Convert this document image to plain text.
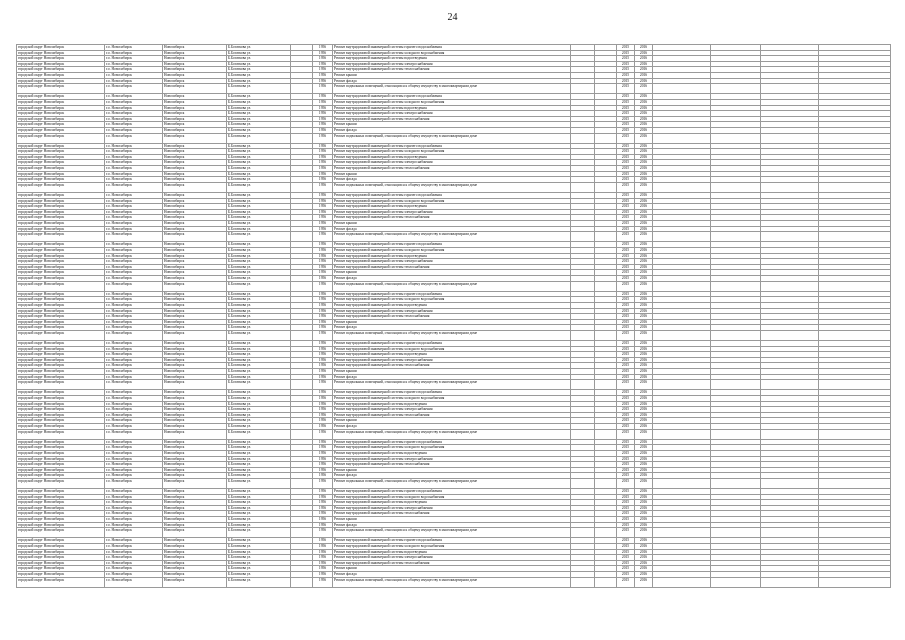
24
городской округ Новосибирск	г.о. Новосибирск	Новосибирск	Б.Богаткова ул.		1956	Ремонт внутридомовой инженерной системы горячего водоснабжения			2015	2016				
городской округ Новосибирск	г.о. Новосибирск	Новосибирск	Б.Богаткова ул.		1956	Ремонт внутридомовой инженерной системы холодного водоснабжения			2015	2016				
городской округ Новосибирск	г.о. Новосибирск	Новосибирск	Б.Богаткова ул.		1956	Ремонт внутридомовой инженерной системы водоотведения			2015	2016				
городской округ Новосибирск	г.о. Новосибирск	Новосибирск	Б.Богаткова ул.		1956	Ремонт внутридомовой инженерной системы электроснабжения			2015	2016				
городской округ Новосибирск	г.о. Новосибирск	Новосибирск	Б.Богаткова ул.		1956	Ремонт внутридомовой инженерной системы теплоснабжения			2015	2016				
городской округ Новосибирск	г.о. Новосибирск	Новосибирск	Б.Богаткова ул.		1956	Ремонт крыши			2015	2016				
городской округ Новосибирск	г.о. Новосибирск	Новосибирск	Б.Богаткова ул.		1956	Ремонт фасада			2015	2016				
городской округ Новосибирск	г.о. Новосибирск	Новосибирск	Б.Богаткова ул.		1956	Ремонт подвальных помещений, относящихся к общему имуществу в многоквартирном доме			2015	2016				
городской округ Новосибирск	г.о. Новосибирск	Новосибирск	Б.Богаткова ул.		1956	Ремонт внутридомовой инженерной системы горячего водоснабжения			2015	2016				
городской округ Новосибирск	г.о. Новосибирск	Новосибирск	Б.Богаткова ул.		1956	Ремонт внутридомовой инженерной системы холодного водоснабжения			2015	2016				
городской округ Новосибирск	г.о. Новосибирск	Новосибирск	Б.Богаткова ул.		1956	Ремонт внутридомовой инженерной системы водоотведения			2015	2016				
городской округ Новосибирск	г.о. Новосибирск	Новосибирск	Б.Богаткова ул.		1956	Ремонт внутридомовой инженерной системы электроснабжения			2015	2016				
городской округ Новосибирск	г.о. Новосибирск	Новосибирск	Б.Богаткова ул.		1956	Ремонт внутридомовой инженерной системы теплоснабжения			2015	2016				
городской округ Новосибирск	г.о. Новосибирск	Новосибирск	Б.Богаткова ул.		1956	Ремонт крыши			2015	2016				
городской округ Новосибирск	г.о. Новосибирск	Новосибирск	Б.Богаткова ул.		1956	Ремонт фасада			2015	2016				
городской округ Новосибирск	г.о. Новосибирск	Новосибирск	Б.Богаткова ул.		1956	Ремонт подвальных помещений, относящихся к общему имуществу в многоквартирном доме			2015	2016				
городской округ Новосибирск	г.о. Новосибирск	Новосибирск	Б.Богаткова ул.		1956	Ремонт внутридомовой инженерной системы горячего водоснабжения			2015	2016				
городской округ Новосибирск	г.о. Новосибирск	Новосибирск	Б.Богаткова ул.		1956	Ремонт внутридомовой инженерной системы холодного водоснабжения			2015	2016				
городской округ Новосибирск	г.о. Новосибирск	Новосибирск	Б.Богаткова ул.		1956	Ремонт внутридомовой инженерной системы водоотведения			2015	2016				
городской округ Новосибирск	г.о. Новосибирск	Новосибирск	Б.Богаткова ул.		1956	Ремонт внутридомовой инженерной системы электроснабжения			2015	2016				
городской округ Новосибирск	г.о. Новосибирск	Новосибирск	Б.Богаткова ул.		1956	Ремонт внутридомовой инженерной системы теплоснабжения			2015	2016				
городской округ Новосибирск	г.о. Новосибирск	Новосибирск	Б.Богаткова ул.		1956	Ремонт крыши			2015	2016				
городской округ Новосибирск	г.о. Новосибирск	Новосибирск	Б.Богаткова ул.		1956	Ремонт фасада			2015	2016				
городской округ Новосибирск	г.о. Новосибирск	Новосибирск	Б.Богаткова ул.		1956	Ремонт подвальных помещений, относящихся к общему имуществу в многоквартирном доме			2015	2016				
городской округ Новосибирск	г.о. Новосибирск	Новосибирск	Б.Богаткова ул.		1956	Ремонт внутридомовой инженерной системы горячего водоснабжения			2015	2016				
городской округ Новосибирск	г.о. Новосибирск	Новосибирск	Б.Богаткова ул.		1956	Ремонт внутридомовой инженерной системы холодного водоснабжения			2015	2016				
городской округ Новосибирск	г.о. Новосибирск	Новосибирск	Б.Богаткова ул.		1956	Ремонт внутридомовой инженерной системы водоотведения			2015	2016				
городской округ Новосибирск	г.о. Новосибирск	Новосибирск	Б.Богаткова ул.		1956	Ремонт внутридомовой инженерной системы электроснабжения			2015	2016				
городской округ Новосибирск	г.о. Новосибирск	Новосибирск	Б.Богаткова ул.		1956	Ремонт внутридомовой инженерной системы теплоснабжения			2015	2016				
городской округ Новосибирск	г.о. Новосибирск	Новосибирск	Б.Богаткова ул.		1956	Ремонт крыши			2015	2016				
городской округ Новосибирск	г.о. Новосибирск	Новосибирск	Б.Богаткова ул.		1956	Ремонт фасада			2015	2016				
городской округ Новосибирск	г.о. Новосибирск	Новосибирск	Б.Богаткова ул.		1956	Ремонт подвальных помещений, относящихся к общему имуществу в многоквартирном доме			2015	2016				
городской округ Новосибирск	г.о. Новосибирск	Новосибирск	Б.Богаткова ул.		1956	Ремонт внутридомовой инженерной системы горячего водоснабжения			2015	2016				
городской округ Новосибирск	г.о. Новосибирск	Новосибирск	Б.Богаткова ул.		1956	Ремонт внутридомовой инженерной системы холодного водоснабжения			2015	2016				
городской округ Новосибирск	г.о. Новосибирск	Новосибирск	Б.Богаткова ул.		1956	Ремонт внутридомовой инженерной системы водоотведения			2015	2016				
городской округ Новосибирск	г.о. Новосибирск	Новосибирск	Б.Богаткова ул.		1956	Ремонт внутридомовой инженерной системы электроснабжения			2015	2016				
городской округ Новосибирск	г.о. Новосибирск	Новосибирск	Б.Богаткова ул.		1956	Ремонт внутридомовой инженерной системы теплоснабжения			2015	2016				
городской округ Новосибирск	г.о. Новосибирск	Новосибирск	Б.Богаткова ул.		1956	Ремонт крыши			2015	2016				
городской округ Новосибирск	г.о. Новосибирск	Новосибирск	Б.Богаткова ул.		1956	Ремонт фасада			2015	2016				
городской округ Новосибирск	г.о. Новосибирск	Новосибирск	Б.Богаткова ул.		1956	Ремонт подвальных помещений, относящихся к общему имуществу в многоквартирном доме			2015	2016				
городской округ Новосибирск	г.о. Новосибирск	Новосибирск	Б.Богаткова ул.		1956	Ремонт внутридомовой инженерной системы горячего водоснабжения			2015	2016				
городской округ Новосибирск	г.о. Новосибирск	Новосибирск	Б.Богаткова ул.		1956	Ремонт внутридомовой инженерной системы холодного водоснабжения			2015	2016				
городской округ Новосибирск	г.о. Новосибирск	Новосибирск	Б.Богаткова ул.		1956	Ремонт внутридомовой инженерной системы водоотведения			2015	2016				
городской округ Новосибирск	г.о. Новосибирск	Новосибирск	Б.Богаткова ул.		1956	Ремонт внутридомовой инженерной системы электроснабжения			2015	2016				
городской округ Новосибирск	г.о. Новосибирск	Новосибирск	Б.Богаткова ул.		1956	Ремонт внутридомовой инженерной системы теплоснабжения			2015	2016				
городской округ Новосибирск	г.о. Новосибирск	Новосибирск	Б.Богаткова ул.		1956	Ремонт крыши			2015	2016				
городской округ Новосибирск	г.о. Новосибирск	Новосибирск	Б.Богаткова ул.		1956	Ремонт фасада			2015	2016				
городской округ Новосибирск	г.о. Новосибирск	Новосибирск	Б.Богаткова ул.		1956	Ремонт подвальных помещений, относящихся к общему имуществу в многоквартирном доме			2015	2016				
городской округ Новосибирск	г.о. Новосибирск	Новосибирск	Б.Богаткова ул.		1956	Ремонт внутридомовой инженерной системы горячего водоснабжения			2015	2016				
городской округ Новосибирск	г.о. Новосибирск	Новосибирск	Б.Богаткова ул.		1956	Ремонт внутридомовой инженерной системы холодного водоснабжения			2015	2016				
городской округ Новосибирск	г.о. Новосибирск	Новосибирск	Б.Богаткова ул.		1956	Ремонт внутридомовой инженерной системы водоотведения			2015	2016				
городской округ Новосибирск	г.о. Новосибирск	Новосибирск	Б.Богаткова ул.		1956	Ремонт внутридомовой инженерной системы электроснабжения			2015	2016				
городской округ Новосибирск	г.о. Новосибирск	Новосибирск	Б.Богаткова ул.		1956	Ремонт внутридомовой инженерной системы теплоснабжения			2015	2016				
городской округ Новосибирск	г.о. Новосибирск	Новосибирск	Б.Богаткова ул.		1956	Ремонт крыши			2015	2016				
городской округ Новосибирск	г.о. Новосибирск	Новосибирск	Б.Богаткова ул.		1956	Ремонт фасада			2015	2016				
городской округ Новосибирск	г.о. Новосибирск	Новосибирск	Б.Богаткова ул.		1956	Ремонт подвальных помещений, относящихся к общему имуществу в многоквартирном доме			2015	2016				
городской округ Новосибирск	г.о. Новосибирск	Новосибирск	Б.Богаткова ул.		1956	Ремонт внутридомовой инженерной системы горячего водоснабжения			2015	2016				
городской округ Новосибирск	г.о. Новосибирск	Новосибирск	Б.Богаткова ул.		1956	Ремонт внутридомовой инженерной системы холодного водоснабжения			2015	2016				
городской округ Новосибирск	г.о. Новосибирск	Новосибирск	Б.Богаткова ул.		1956	Ремонт внутридомовой инженерной системы водоотведения			2015	2016				
городской округ Новосибирск	г.о. Новосибирск	Новосибирск	Б.Богаткова ул.		1956	Ремонт внутридомовой инженерной системы электроснабжения			2015	2016				
городской округ Новосибирск	г.о. Новосибирск	Новосибирск	Б.Богаткова ул.		1956	Ремонт внутридомовой инженерной системы теплоснабжения			2015	2016				
городской округ Новосибирск	г.о. Новосибирск	Новосибирск	Б.Богаткова ул.		1956	Ремонт крыши			2015	2016				
городской округ Новосибирск	г.о. Новосибирск	Новосибирск	Б.Богаткова ул.		1956	Ремонт фасада			2015	2016				
городской округ Новосибирск	г.о. Новосибирск	Новосибирск	Б.Богаткова ул.		1956	Ремонт подвальных помещений, относящихся к общему имуществу в многоквартирном доме			2015	2016				
городской округ Новосибирск	г.о. Новосибирск	Новосибирск	Б.Богаткова ул.		1956	Ремонт внутридомовой инженерной системы горячего водоснабжения			2015	2016				
городской округ Новосибирск	г.о. Новосибирск	Новосибирск	Б.Богаткова ул.		1956	Ремонт внутридомовой инженерной системы холодного водоснабжения			2015	2016				
городской округ Новосибирск	г.о. Новосибирск	Новосибирск	Б.Богаткова ул.		1956	Ремонт внутридомовой инженерной системы водоотведения			2015	2016				
городской округ Новосибирск	г.о. Новосибирск	Новосибирск	Б.Богаткова ул.		1956	Ремонт внутридомовой инженерной системы электроснабжения			2015	2016				
городской округ Новосибирск	г.о. Новосибирск	Новосибирск	Б.Богаткова ул.		1956	Ремонт внутридомовой инженерной системы теплоснабжения			2015	2016				
городской округ Новосибирск	г.о. Новосибирск	Новосибирск	Б.Богаткова ул.		1956	Ремонт крыши			2015	2016				
городской округ Новосибирск	г.о. Новосибирск	Новосибирск	Б.Богаткова ул.		1956	Ремонт фасада			2015	2016				
городской округ Новосибирск	г.о. Новосибирск	Новосибирск	Б.Богаткова ул.		1956	Ремонт подвальных помещений, относящихся к общему имуществу в многоквартирном доме			2015	2016				
городской округ Новосибирск	г.о. Новосибирск	Новосибирск	Б.Богаткова ул.		1956	Ремонт внутридомовой инженерной системы горячего водоснабжения			2015	2016				
городской округ Новосибирск	г.о. Новосибирск	Новосибирск	Б.Богаткова ул.		1956	Ремонт внутридомовой инженерной системы холодного водоснабжения			2015	2016				
городской округ Новосибирск	г.о. Новосибирск	Новосибирск	Б.Богаткова ул.		1956	Ремонт внутридомовой инженерной системы водоотведения			2015	2016				
городской округ Новосибирск	г.о. Новосибирск	Новосибирск	Б.Богаткова ул.		1956	Ремонт внутридомовой инженерной системы электроснабжения			2015	2016				
городской округ Новосибирск	г.о. Новосибирск	Новосибирск	Б.Богаткова ул.		1956	Ремонт внутридомовой инженерной системы теплоснабжения			2015	2016				
городской округ Новосибирск	г.о. Новосибирск	Новосибирск	Б.Богаткова ул.		1956	Ремонт крыши			2015	2016				
городской округ Новосибирск	г.о. Новосибирск	Новосибирск	Б.Богаткова ул.		1956	Ремонт фасада			2015	2016				
городской округ Новосибирск	г.о. Новосибирск	Новосибирск	Б.Богаткова ул.		1956	Ремонт подвальных помещений, относящихся к общему имуществу в многоквартирном доме			2015	2016				
городской округ Новосибирск	г.о. Новосибирск	Новосибирск	Б.Богаткова ул.		1956	Ремонт внутридомовой инженерной системы горячего водоснабжения			2015	2016				
городской округ Новосибирск	г.о. Новосибирск	Новосибирск	Б.Богаткова ул.		1956	Ремонт внутридомовой инженерной системы холодного водоснабжения			2015	2016				
городской округ Новосибирск	г.о. Новосибирск	Новосибирск	Б.Богаткова ул.		1956	Ремонт внутридомовой инженерной системы водоотведения			2015	2016				
городской округ Новосибирск	г.о. Новосибирск	Новосибирск	Б.Богаткова ул.		1956	Ремонт внутридомовой инженерной системы электроснабжения			2015	2016				
городской округ Новосибирск	г.о. Новосибирск	Новосибирск	Б.Богаткова ул.		1956	Ремонт внутридомовой инженерной системы теплоснабжения			2015	2016				
городской округ Новосибирск	г.о. Новосибирск	Новосибирск	Б.Богаткова ул.		1956	Ремонт крыши			2015	2016				
городской округ Новосибирск	г.о. Новосибирск	Новосибирск	Б.Богаткова ул.		1956	Ремонт фасада			2015	2016				
городской округ Новосибирск	г.о. Новосибирск	Новосибирск	Б.Богаткова ул.		1956	Ремонт подвальных помещений, относящихся к общему имуществу в многоквартирном доме			2015	2016				
